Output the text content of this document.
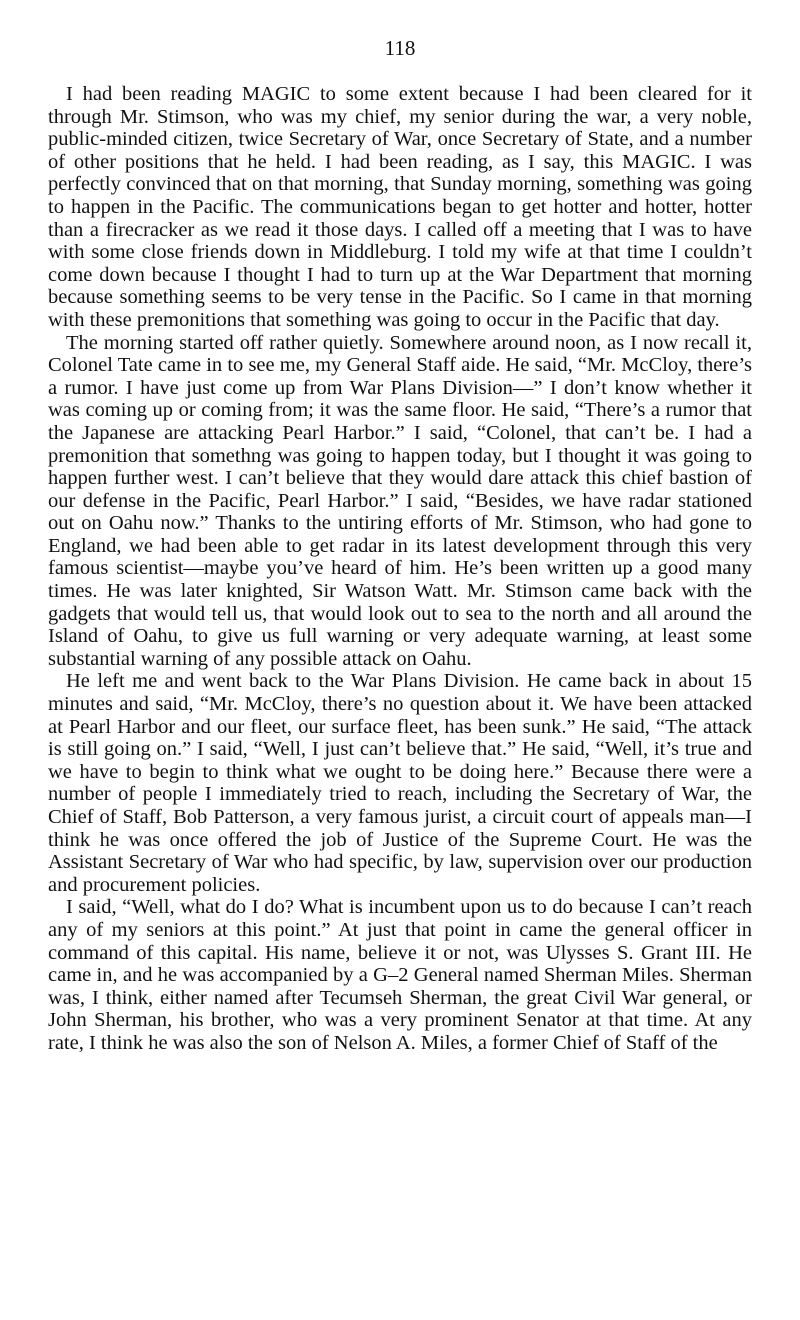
118

I had been reading MAGIC to some extent because I had been cleared for it through Mr. Stimson, who was my chief, my senior during the war, a very noble, public-minded citizen, twice Secretary of War, once Secretary of State, and a number of other positions that he held. I had been reading, as I say, this MAGIC. I was perfectly convinced that on that morning, that Sunday morning, something was going to happen in the Pacific. The communications began to get hotter and hotter, hotter than a firecracker as we read it those days. I called off a meeting that I was to have with some close friends down in Middleburg. I told my wife at that time I couldn’t come down because I thought I had to turn up at the War Department that morning because something seems to be very tense in the Pacific. So I came in that morning with these premonitions that something was going to occur in the Pacific that day.

The morning started off rather quietly. Somewhere around noon, as I now recall it, Colonel Tate came in to see me, my General Staff aide. He said, “Mr. McCloy, there’s a rumor. I have just come up from War Plans Division—” I don’t know whether it was coming up or coming from; it was the same floor. He said, “There’s a rumor that the Japanese are attacking Pearl Harbor.” I said, “Colonel, that can’t be. I had a premonition that somethng was going to happen today, but I thought it was going to happen further west. I can’t believe that they would dare attack this chief bastion of our defense in the Pacific, Pearl Harbor.” I said, “Besides, we have radar stationed out on Oahu now.” Thanks to the untiring efforts of Mr. Stimson, who had gone to England, we had been able to get radar in its latest development through this very famous scientist—maybe you’ve heard of him. He’s been written up a good many times. He was later knighted, Sir Watson Watt. Mr. Stimson came back with the gadgets that would tell us, that would look out to sea to the north and all around the Island of Oahu, to give us full warning or very adequate warning, at least some substantial warning of any possible attack on Oahu.

He left me and went back to the War Plans Division. He came back in about 15 minutes and said, “Mr. McCloy, there’s no question about it. We have been attacked at Pearl Harbor and our fleet, our surface fleet, has been sunk.” He said, “The attack is still going on.” I said, “Well, I just can’t believe that.” He said, “Well, it’s true and we have to begin to think what we ought to be doing here.” Because there were a number of people I immediately tried to reach, including the Secretary of War, the Chief of Staff, Bob Patterson, a very famous jurist, a circuit court of appeals man—I think he was once offered the job of Justice of the Supreme Court. He was the Assistant Secretary of War who had specific, by law, supervision over our production and procurement policies.

I said, “Well, what do I do? What is incumbent upon us to do because I can’t reach any of my seniors at this point.” At just that point in came the general officer in command of this capital. His name, believe it or not, was Ulysses S. Grant III. He came in, and he was accompanied by a G–2 General named Sherman Miles. Sherman was, I think, either named after Tecumseh Sherman, the great Civil War general, or John Sherman, his brother, who was a very prominent Senator at that time. At any rate, I think he was also the son of Nelson A. Miles, a former Chief of Staff of the
